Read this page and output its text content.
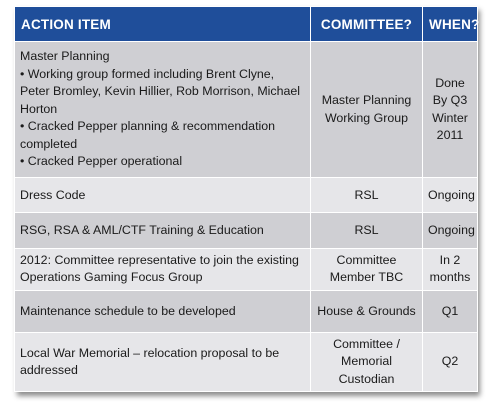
ACTION ITEM	COMMITTEE?	WHEN?

Master Planning
• Working group formed including Brent Clyne, Peter Bromley, Kevin Hillier, Rob Morrison, Michael Horton
• Cracked Pepper planning & recommendation completed
• Cracked Pepper operational	Master Planning Working Group	Done By Q3 Winter 2011

Dress Code	RSL	Ongoing

RSG, RSA & AML/CTF Training & Education	RSL	Ongoing

2012: Committee representative to join the existing Operations Gaming Focus Group	Committee Member TBC	In 2 months

Maintenance schedule to be developed	House & Grounds	Q1

Local War Memorial – relocation proposal to be addressed	Committee / Memorial Custodian	Q2
